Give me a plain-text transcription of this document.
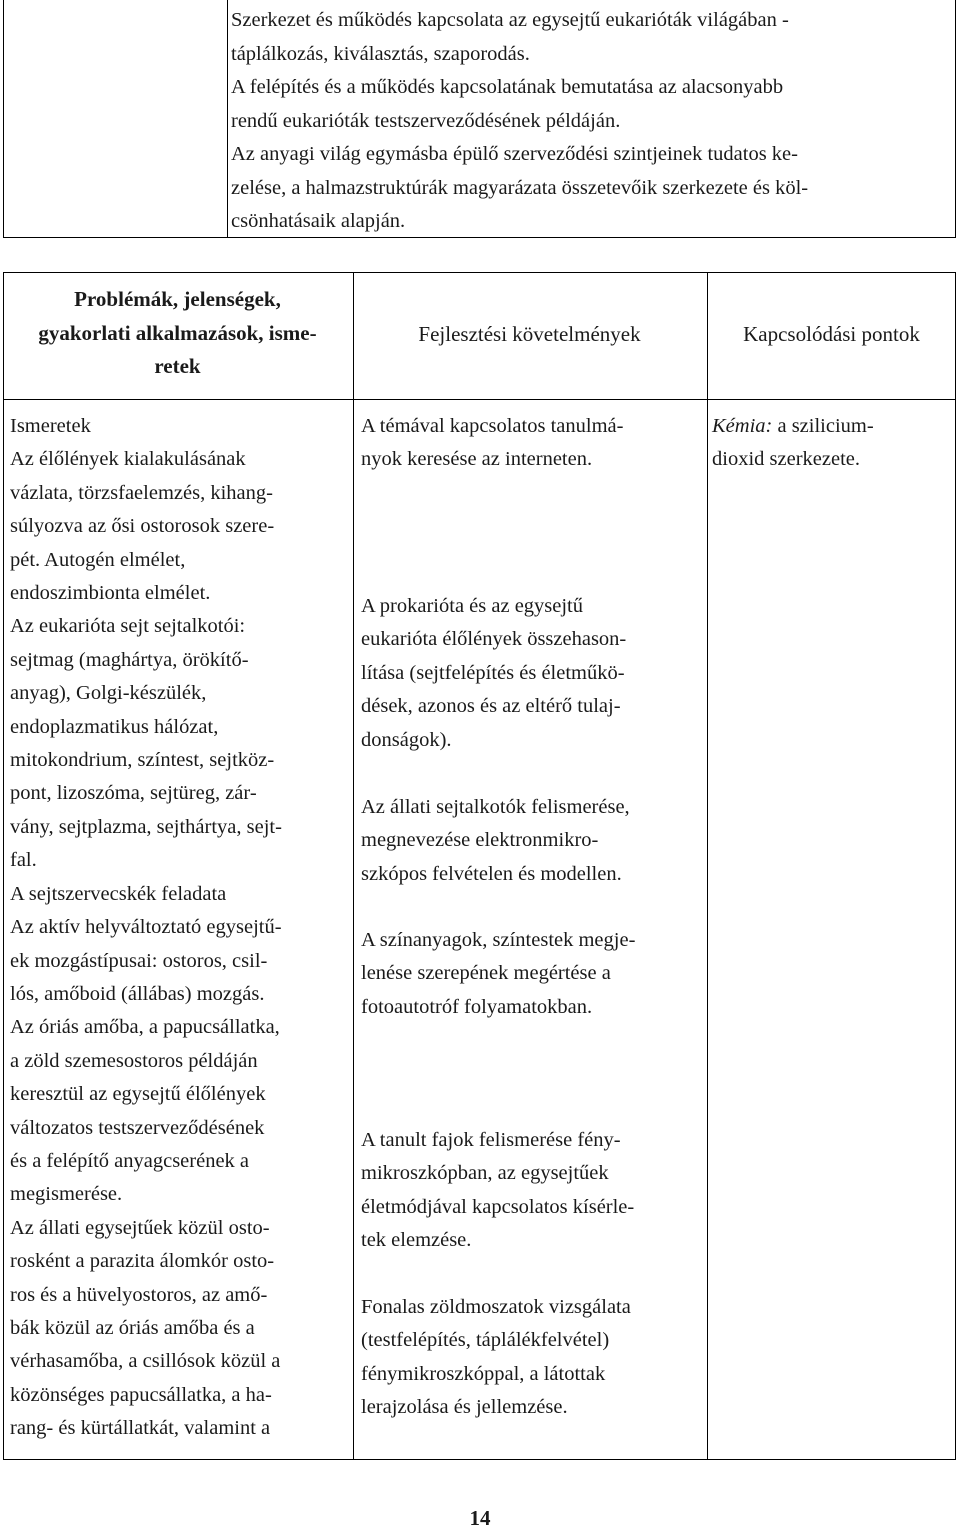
Szerkezet és működés kapcsolata az egysejtű eukarióták világában -

táplálkozás, kiválasztás, szaporodás.

A felépítés és a működés kapcsolatának bemutatása az alacsonyabb

rendű eukarióták testszerveződésének példáján.

Az anyagi világ egymásba épülő szerveződési szintjeinek tudatos ke-

zelése, a halmazstruktúrák magyarázata összetevőik szerkezete és köl-

csönhatásaik alapján.

Problémák, jelenségek,

gyakorlati alkalmazások, isme-

retek

Fejlesztési követelmények	Kapcsolódási pontok

Ismeretek

Az élőlények kialakulásának

vázlata, törzsfaelemzés, kihang-

súlyozva az ősi ostorosok szere-

pét. Autogén elmélet,

endoszimbionta elmélet.

Az eukarióta sejt sejtalkotói:

sejtmag (maghártya, örökítő-

anyag), Golgi-készülék,

endoplazmatikus hálózat,

mitokondrium, színtest, sejtköz-

pont, lizoszóma, sejtüreg, zár-

vány, sejtplazma, sejthártya, sejt-

fal.

A sejtszervecskék feladata

Az aktív helyváltoztató egysejtű-

ek mozgástípusai: ostoros, csil-

lós, amőboid (állábas) mozgás.

Az óriás amőba, a papucsállatka,

a zöld szemesostoros példáján

keresztül az egysejtű élőlények

változatos testszerveződésének

és a felépítő anyagcserének a

megismerése.

Az állati egysejtűek közül osto-

rosként a parazita álomkór osto-

ros és a hüvelyostoros, az amő-

bák közül az óriás amőba és a

vérhasamőba, a csillósok közül a

közönséges papucsállatka, a ha-

rang- és kürtállatkát, valamint a

A témával kapcsolatos tanulmá-

nyok keresése az interneten.

A prokarióta és az egysejtű

eukarióta élőlények összehason-

lítása (sejtfelépítés és életműkö-

dések, azonos és az eltérő tulaj-

donságok).

Az állati sejtalkotók felismerése,

megnevezése elektronmikro-

szkópos felvételen és modellen.

A színanyagok, színtestek megje-

lenése szerepének megértése a

fotoautotróf folyamatokban.

A tanult fajok felismerése fény-

mikroszkópban, az egysejtűek

életmódjával kapcsolatos kísérle-

tek elemzése.

Fonalas zöldmoszatok vizsgálata

(testfelépítés, táplálékfelvétel)

fénymikroszkóppal, a látottak

lerajzolása és jellemzése.

Kémia: a szilicium-

dioxid szerkezete.

14
